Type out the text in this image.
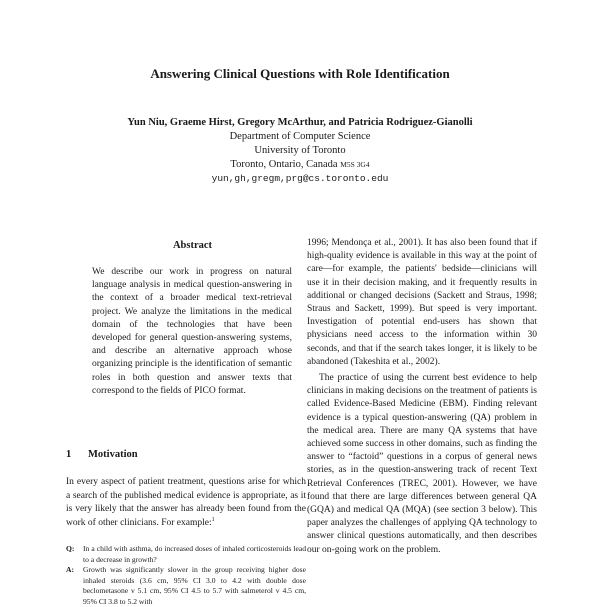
Answering Clinical Questions with Role Identification
Yun Niu, Graeme Hirst, Gregory McArthur, and Patricia Rodriguez-Gianolli
Department of Computer Science
University of Toronto
Toronto, Ontario, Canada M5S 3G4
yun,gh,gregm,prg@cs.toronto.edu
Abstract

We describe our work in progress on natural language analysis in medical question-answering in the context of a broader medical text-retrieval project. We analyze the limitations in the medical domain of the technologies that have been developed for general question-answering systems, and describe an alternative approach whose organizing principle is the identification of semantic roles in both question and answer texts that correspond to the fields of PICO format.

1 Motivation

In every aspect of patient treatment, questions arise for which a search of the published medical evidence is appropriate, as it is very likely that the answer has already been found from the work of other clinicians. For example:$^1$

Q:	In a child with asthma, do increased doses of inhaled corticosteroids lead to a decrease in growth?
A:	Growth was significantly slower in the group receiving higher dose inhaled steroids (3.6 cm, 95% CI 3.0 to 4.2 with double dose beclometasone v 5.1 cm, 95% CI 4.5 to 5.7 with salmeterol v 4.5 cm, 95% CI 3.8 to 5.2 with

1996; Mendonça et al., 2001). It has also been found that if high-quality evidence is available in this way at the point of care—for example, the patients' bedside—clinicians will use it in their decision making, and it frequently results in additional or changed decisions (Sackett and Straus, 1998; Straus and Sackett, 1999). But speed is very important. Investigation of potential end-users has shown that physicians need access to the information within 30 seconds, and that if the search takes longer, it is likely to be abandoned (Takeshita et al., 2002).

The practice of using the current best evidence to help clinicians in making decisions on the treatment of patients is called Evidence-Based Medicine (EBM). Finding relevant evidence is a typical question-answering (QA) problem in the medical area. There are many QA systems that have achieved some success in other domains, such as finding the answer to “factoid” questions in a corpus of general news stories, as in the question-answering track of recent Text Retrieval Conferences (TREC, 2001). However, we have found that there are large differences between general QA (GQA) and medical QA (MQA) (see section 3 below). This paper analyzes the challenges of applying QA technology to answer clinical questions automatically, and then describes our on-going work on the problem.
